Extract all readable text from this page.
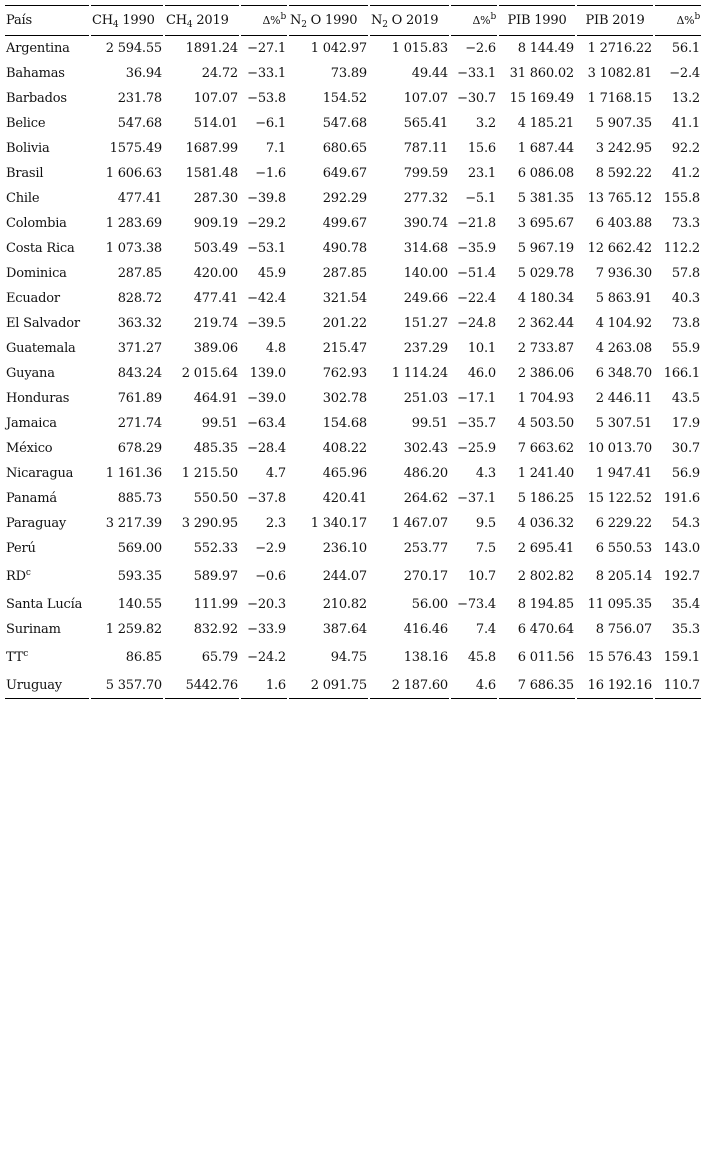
País	$CH_4$ 1990	$CH_4$ 2019	Δ%$^b$	$N_2$ O 1990	$N_2$ O 2019	Δ%$^b$	PIB 1990	PIB 2019	Δ%$^b$
Argentina	2 594.55	1891.24	−27.1	1 042.97	1 015.83	−2.6	8 144.49	1 2716.22	56.1
Bahamas	36.94	24.72	−33.1	73.89	49.44	−33.1	31 860.02	3 1082.81	−2.4
Barbados	231.78	107.07	−53.8	154.52	107.07	−30.7	15 169.49	1 7168.15	13.2
Belice	547.68	514.01	−6.1	547.68	565.41	3.2	4 185.21	5 907.35	41.1
Bolivia	1575.49	1687.99	7.1	680.65	787.11	15.6	1 687.44	3 242.95	92.2
Brasil	1 606.63	1581.48	−1.6	649.67	799.59	23.1	6 086.08	8 592.22	41.2
Chile	477.41	287.30	−39.8	292.29	277.32	−5.1	5 381.35	13 765.12	155.8
Colombia	1 283.69	909.19	−29.2	499.67	390.74	−21.8	3 695.67	6 403.88	73.3
Costa Rica	1 073.38	503.49	−53.1	490.78	314.68	−35.9	5 967.19	12 662.42	112.2
Dominica	287.85	420.00	45.9	287.85	140.00	−51.4	5 029.78	7 936.30	57.8
Ecuador	828.72	477.41	−42.4	321.54	249.66	−22.4	4 180.34	5 863.91	40.3
El Salvador	363.32	219.74	−39.5	201.22	151.27	−24.8	2 362.44	4 104.92	73.8
Guatemala	371.27	389.06	4.8	215.47	237.29	10.1	2 733.87	4 263.08	55.9
Guyana	843.24	2 015.64	139.0	762.93	1 114.24	46.0	2 386.06	6 348.70	166.1
Honduras	761.89	464.91	−39.0	302.78	251.03	−17.1	1 704.93	2 446.11	43.5
Jamaica	271.74	99.51	−63.4	154.68	99.51	−35.7	4 503.50	5 307.51	17.9
México	678.29	485.35	−28.4	408.22	302.43	−25.9	7 663.62	10 013.70	30.7
Nicaragua	1 161.36	1 215.50	4.7	465.96	486.20	4.3	1 241.40	1 947.41	56.9
Panamá	885.73	550.50	−37.8	420.41	264.62	−37.1	5 186.25	15 122.52	191.6
Paraguay	3 217.39	3 290.95	2.3	1 340.17	1 467.07	9.5	4 036.32	6 229.22	54.3
Perú	569.00	552.33	−2.9	236.10	253.77	7.5	2 695.41	6 550.53	143.0
$RD^c$	593.35	589.97	−0.6	244.07	270.17	10.7	2 802.82	8 205.14	192.7
Santa Lucía	140.55	111.99	−20.3	210.82	56.00	−73.4	8 194.85	11 095.35	35.4
Surinam	1 259.82	832.92	−33.9	387.64	416.46	7.4	6 470.64	8 756.07	35.3
$TT^c$	86.85	65.79	−24.2	94.75	138.16	45.8	6 011.56	15 576.43	159.1
Uruguay	5 357.70	5442.76	1.6	2 091.75	2 187.60	4.6	7 686.35	16 192.16	110.7
